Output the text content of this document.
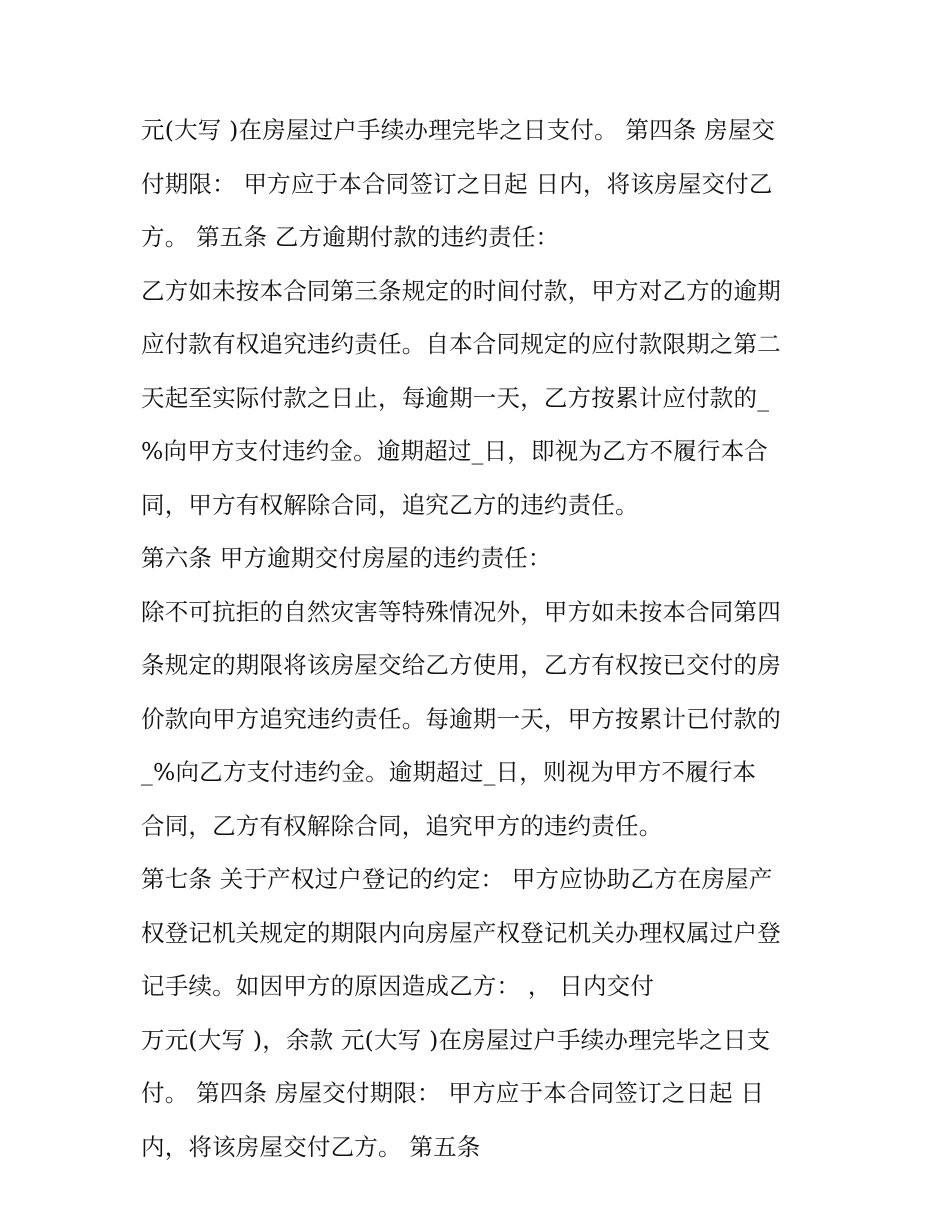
元(大写 )在房屋过户手续办理完毕之日支付。 第四条 房屋交
付期限： 甲方应于本合同签订之日起 日内，将该房屋交付乙
方。 第五条 乙方逾期付款的违约责任：
乙方如未按本合同第三条规定的时间付款，甲方对乙方的逾期
应付款有权追究违约责任。自本合同规定的应付款限期之第二
天起至实际付款之日止，每逾期一天，乙方按累计应付款的_
%向甲方支付违约金。逾期超过_日，即视为乙方不履行本合
同，甲方有权解除合同，追究乙方的违约责任。
第六条 甲方逾期交付房屋的违约责任：
除不可抗拒的自然灾害等特殊情况外，甲方如未按本合同第四
条规定的期限将该房屋交给乙方使用，乙方有权按已交付的房
价款向甲方追究违约责任。每逾期一天，甲方按累计已付款的
_%向乙方支付违约金。逾期超过_日，则视为甲方不履行本
合同，乙方有权解除合同，追究甲方的违约责任。
第七条 关于产权过户登记的约定： 甲方应协助乙方在房屋产
权登记机关规定的期限内向房屋产权登记机关办理权属过户登
记手续。如因甲方的原因造成乙方： ， 日内交付
万元(大写 )，余款 元(大写 )在房屋过户手续办理完毕之日支
付。 第四条 房屋交付期限： 甲方应于本合同签订之日起 日
内，将该房屋交付乙方。 第五条
